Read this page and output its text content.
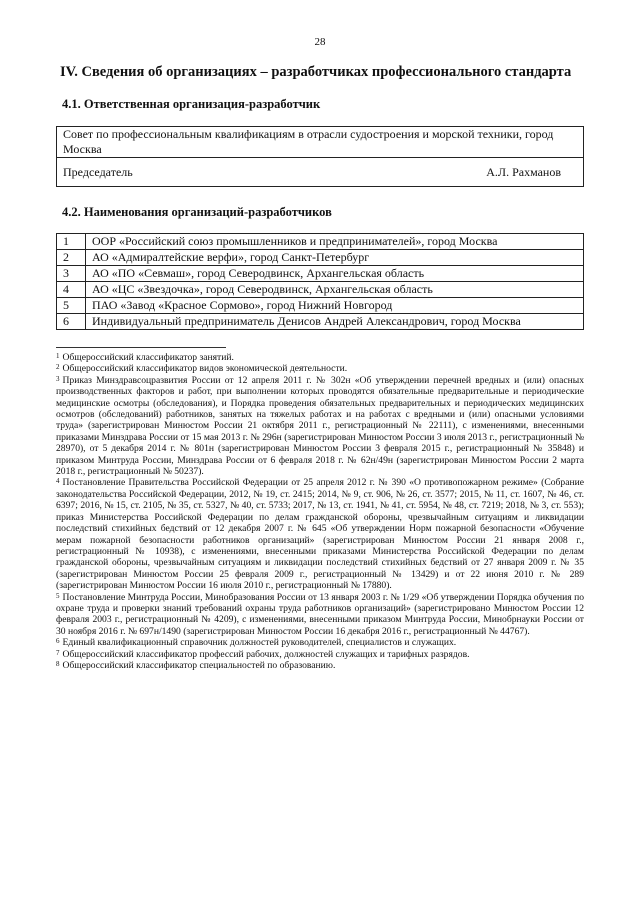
28
IV. Сведения об организациях – разработчиках профессионального стандарта
4.1. Ответственная организация-разработчик
Совет по профессиональным квалификациям в отрасли судостроения и морской техники, город Москва

Председатель	А.Л. Рахманов
4.2. Наименования организаций-разработчиков
1	ООР «Российский союз промышленников и предпринимателей», город Москва
2	АО «Адмиралтейские верфи», город Санкт-Петербург
3	АО «ПО «Севмаш», город Северодвинск, Архангельская область
4	АО «ЦС «Звездочка», город Северодвинск, Архангельская область
5	ПАО «Завод «Красное Сормово», город Нижний Новгород
6	Индивидуальный предприниматель Денисов Андрей Александрович, город Москва

$^1$ Общероссийский классификатор занятий.

$^2$ Общероссийский классификатор видов экономической деятельности.

$^3$ Приказ Минздравсоцразвития России от 12 апреля 2011 г. № 302н «Об утверждении перечней вредных и (или) опасных производственных факторов и работ, при выполнении которых проводятся обязательные предварительные и периодические медицинские осмотры (обследования), и Порядка проведения обязательных предварительных и периодических медицинских осмотров (обследований) работников, занятых на тяжелых работах и на работах с вредными и (или) опасными условиями труда» (зарегистрирован Минюстом России 21 октября 2011 г., регистрационный № 22111), с изменениями, внесенными приказами Минздрава России от 15 мая 2013 г. № 296н (зарегистрирован Минюстом России 3 июля 2013 г., регистрационный № 28970), от 5 декабря 2014 г. № 801н (зарегистрирован Минюстом России 3 февраля 2015 г., регистрационный № 35848) и приказом Минтруда России, Минздрава России от 6 февраля 2018 г. № 62н/49н (зарегистрирован Минюстом России 2 марта 2018 г., регистрационный № 50237).

$^4$ Постановление Правительства Российской Федерации от 25 апреля 2012 г. № 390 «О противопожарном режиме» (Собрание законодательства Российской Федерации, 2012, № 19, ст. 2415; 2014, № 9, ст. 906, № 26, ст. 3577; 2015, № 11, ст. 1607, № 46, ст. 6397; 2016, № 15, ст. 2105, № 35, ст. 5327, № 40, ст. 5733; 2017, № 13, ст. 1941, № 41, ст. 5954, № 48, ст. 7219; 2018, № 3, ст. 553); приказ Министерства Российской Федерации по делам гражданской обороны, чрезвычайным ситуациям и ликвидации последствий стихийных бедствий от 12 декабря 2007 г. № 645 «Об утверждении Норм пожарной безопасности «Обучение мерам пожарной безопасности работников организаций» (зарегистрирован Минюстом России 21 января 2008 г., регистрационный № 10938), с изменениями, внесенными приказами Министерства Российской Федерации по делам гражданской обороны, чрезвычайным ситуациям и ликвидации последствий стихийных бедствий от 27 января 2009 г. № 35 (зарегистрирован Минюстом России 25 февраля 2009 г., регистрационный № 13429) и от 22 июня 2010 г. № 289 (зарегистрирован Минюстом России 16 июля 2010 г., регистрационный № 17880).

$^5$ Постановление Минтруда России, Минобразования России от 13 января 2003 г. № 1/29 «Об утверждении Порядка обучения по охране труда и проверки знаний требований охраны труда работников организаций» (зарегистрировано Минюстом России 12 февраля 2003 г., регистрационный № 4209), с изменениями, внесенными приказом Минтруда России, Минобрнауки России от 30 ноября 2016 г. № 697н/1490 (зарегистрирован Минюстом России 16 декабря 2016 г., регистрационный № 44767).

$^6$ Единый квалификационный справочник должностей руководителей, специалистов и служащих.

$^7$ Общероссийский классификатор профессий рабочих, должностей служащих и тарифных разрядов.

$^8$ Общероссийский классификатор специальностей по образованию.
